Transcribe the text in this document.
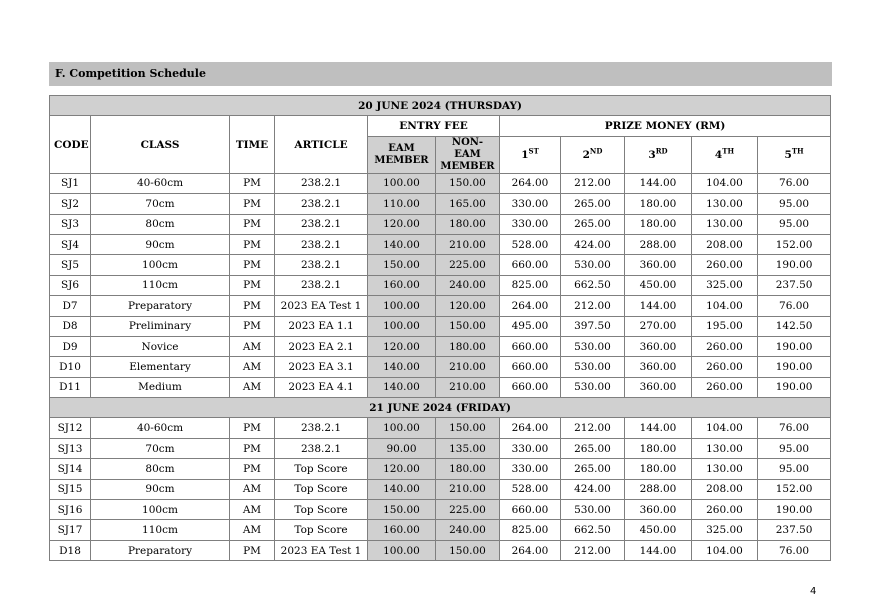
F. Competition Schedule
20 JUNE 2024 (THURSDAY)										
CODE	CLASS	TIME	ARTICLE	ENTRY FEE		PRIZE MONEY (RM)				
				EAM MEMBER	NON-EAM MEMBER	1ST	2ND	3RD	4TH	5TH
SJ1	40-60cm	PM	238.2.1	100.00	150.00	264.00	212.00	144.00	104.00	76.00
SJ2	70cm	PM	238.2.1	110.00	165.00	330.00	265.00	180.00	130.00	95.00
SJ3	80cm	PM	238.2.1	120.00	180.00	330.00	265.00	180.00	130.00	95.00
SJ4	90cm	PM	238.2.1	140.00	210.00	528.00	424.00	288.00	208.00	152.00
SJ5	100cm	PM	238.2.1	150.00	225.00	660.00	530.00	360.00	260.00	190.00
SJ6	110cm	PM	238.2.1	160.00	240.00	825.00	662.50	450.00	325.00	237.50
D7	Preparatory	PM	2023 EA Test 1	100.00	120.00	264.00	212.00	144.00	104.00	76.00
D8	Preliminary	PM	2023 EA 1.1	100.00	150.00	495.00	397.50	270.00	195.00	142.50
D9	Novice	AM	2023 EA 2.1	120.00	180.00	660.00	530.00	360.00	260.00	190.00
D10	Elementary	AM	2023 EA 3.1	140.00	210.00	660.00	530.00	360.00	260.00	190.00
D11	Medium	AM	2023 EA 4.1	140.00	210.00	660.00	530.00	360.00	260.00	190.00
21 JUNE 2024 (FRIDAY)										
SJ12	40-60cm	PM	238.2.1	100.00	150.00	264.00	212.00	144.00	104.00	76.00
SJ13	70cm	PM	238.2.1	90.00	135.00	330.00	265.00	180.00	130.00	95.00
SJ14	80cm	PM	Top Score	120.00	180.00	330.00	265.00	180.00	130.00	95.00
SJ15	90cm	AM	Top Score	140.00	210.00	528.00	424.00	288.00	208.00	152.00
SJ16	100cm	AM	Top Score	150.00	225.00	660.00	530.00	360.00	260.00	190.00
SJ17	110cm	AM	Top Score	160.00	240.00	825.00	662.50	450.00	325.00	237.50
D18	Preparatory	PM	2023 EA Test 1	100.00	150.00	264.00	212.00	144.00	104.00	76.00
4
